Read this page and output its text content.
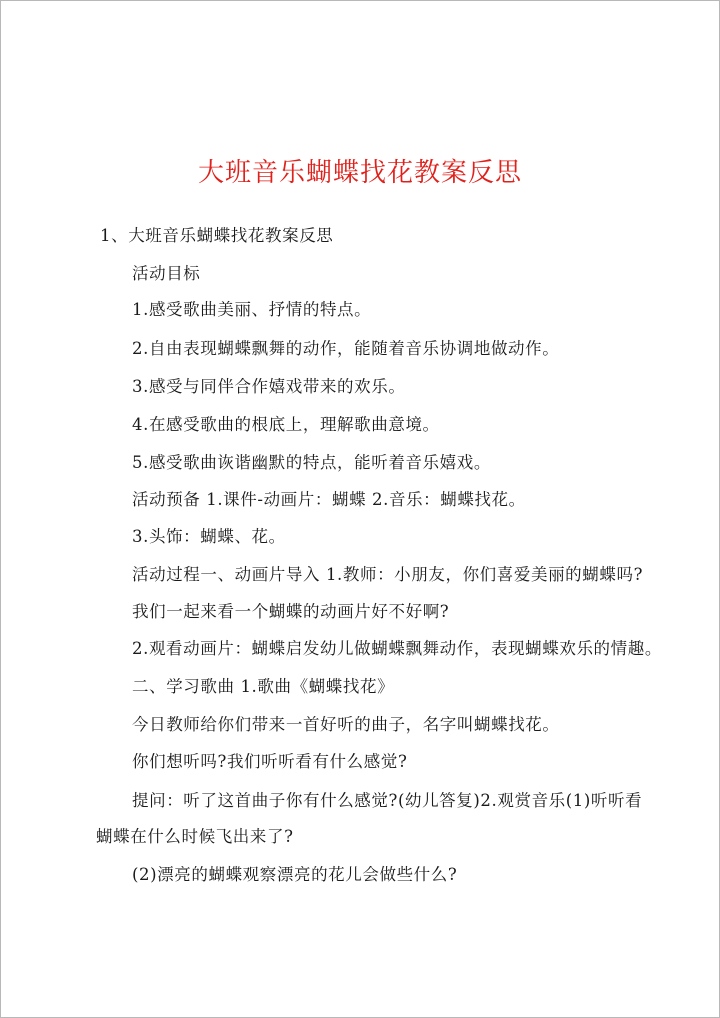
大班音乐蝴蝶找花教案反思
1、大班音乐蝴蝶找花教案反思
活动目标
1.感受歌曲美丽、抒情的特点。
2.自由表现蝴蝶飘舞的动作，能随着音乐协调地做动作。
3.感受与同伴合作嬉戏带来的欢乐。
4.在感受歌曲的根底上，理解歌曲意境。
5.感受歌曲诙谐幽默的特点，能听着音乐嬉戏。
活动预备 1.课件-动画片：蝴蝶 2.音乐：蝴蝶找花。
3.头饰：蝴蝶、花。
活动过程一、动画片导入 1.教师：小朋友，你们喜爱美丽的蝴蝶吗?
我们一起来看一个蝴蝶的动画片好不好啊?
2.观看动画片：蝴蝶启发幼儿做蝴蝶飘舞动作，表现蝴蝶欢乐的情趣。
二、学习歌曲 1.歌曲《蝴蝶找花》
今日教师给你们带来一首好听的曲子，名字叫蝴蝶找花。
你们想听吗?我们听听看有什么感觉?
提问：听了这首曲子你有什么感觉?(幼儿答复)2.观赏音乐(1)听听看
蝴蝶在什么时候飞出来了?
(2)漂亮的蝴蝶观察漂亮的花儿会做些什么?
